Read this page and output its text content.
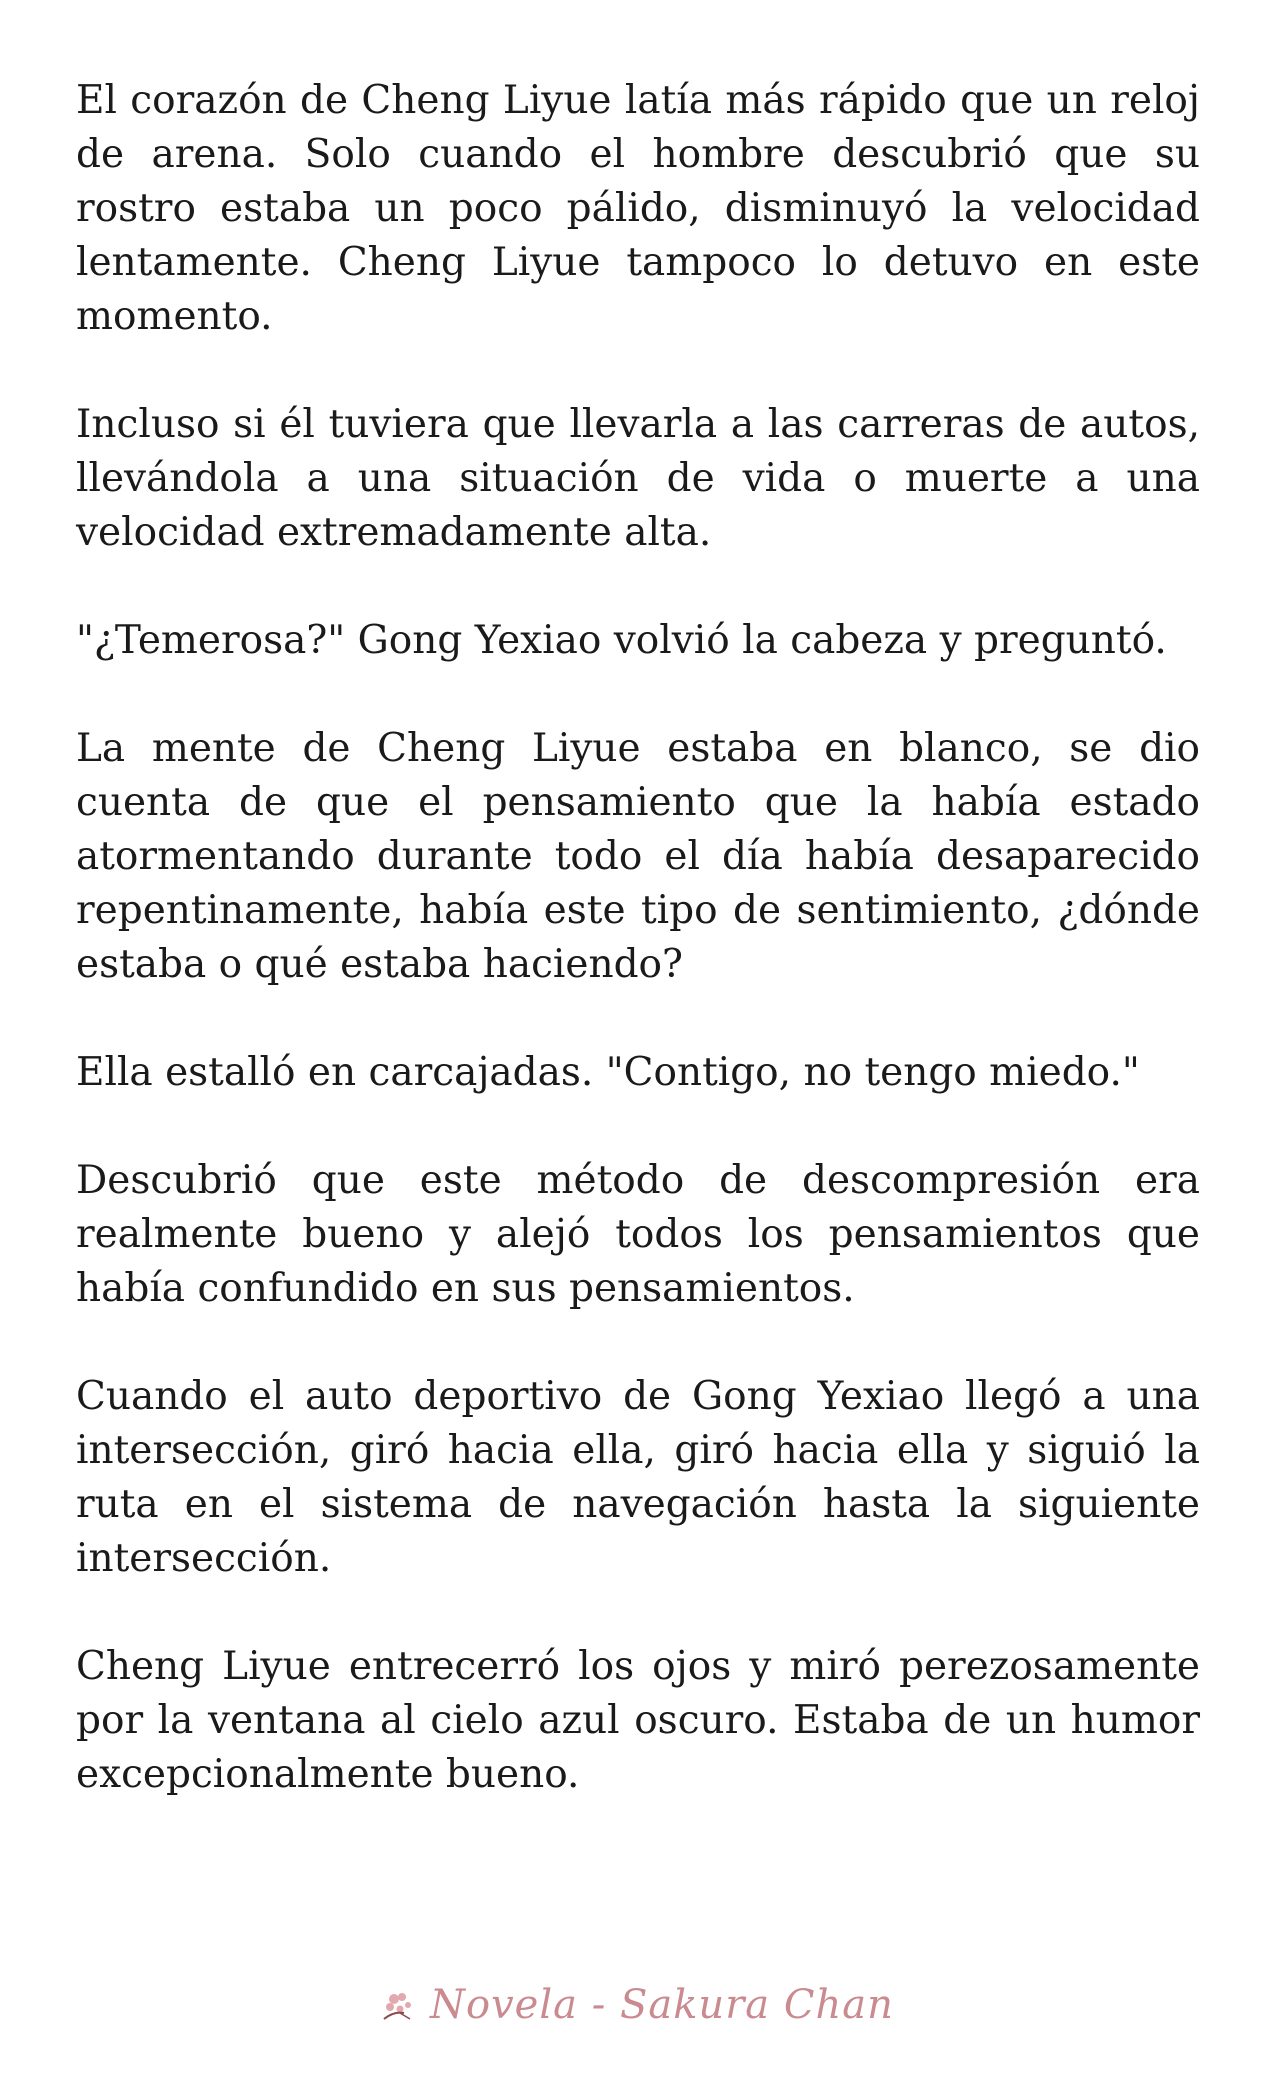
El corazón de Cheng Liyue latía más rápido que un reloj de arena. Solo cuando el hombre descubrió que su rostro estaba un poco pálido, disminuyó la velocidad lentamente. Cheng Liyue tampoco lo detuvo en este momento.

Incluso si él tuviera que llevarla a las carreras de autos, llevándola a una situación de vida o muerte a una velocidad extremadamente alta.

"¿Temerosa?" Gong Yexiao volvió la cabeza y preguntó.

La mente de Cheng Liyue estaba en blanco, se dio cuenta de que el pensamiento que la había estado atormentando durante todo el día había desaparecido repentinamente, había este tipo de sentimiento, ¿dónde estaba o qué estaba haciendo?

Ella estalló en carcajadas. "Contigo, no tengo miedo."

Descubrió que este método de descompresión era realmente bueno y alejó todos los pensamientos que había confundido en sus pensamientos.

Cuando el auto deportivo de Gong Yexiao llegó a una intersección, giró hacia ella, giró hacia ella y siguió la ruta en el sistema de navegación hasta la siguiente intersección.

Cheng Liyue entrecerró los ojos y miró perezosamente por la ventana al cielo azul oscuro. Estaba de un humor excepcionalmente bueno.

Novela - Sakura Chan
